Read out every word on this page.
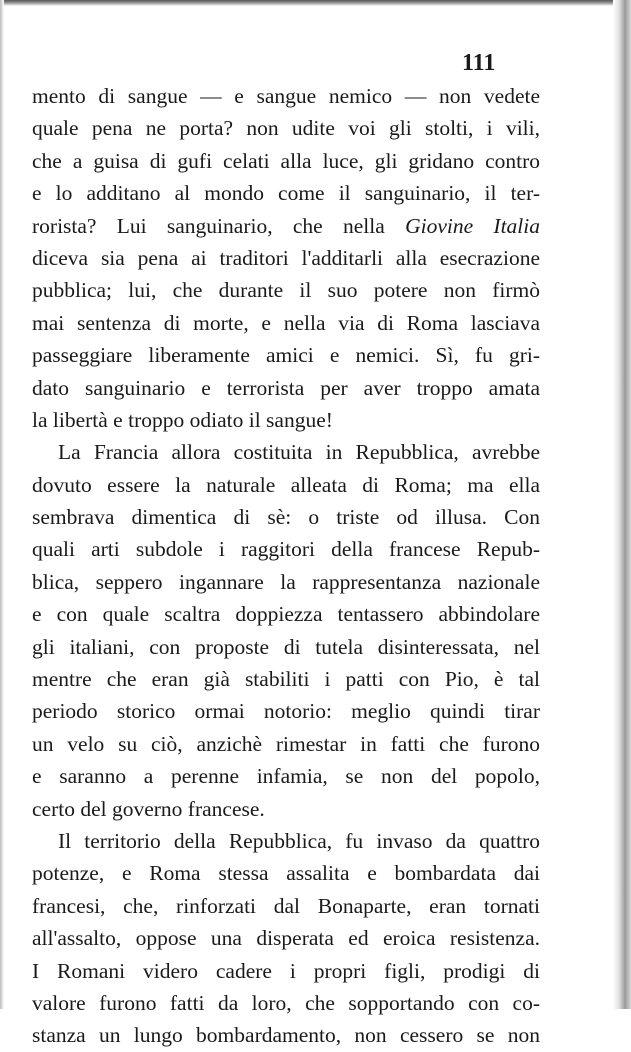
111
mento di sangue — e sangue nemico — non vedete
quale pena ne porta? non udite voi gli stolti, i vili,
che a guisa di gufi celati alla luce, gli gridano contro
e lo additano al mondo come il sanguinario, il ter-
rorista? Lui sanguinario, che nella Giovine Italia
diceva sia pena ai traditori l'additarli alla esecrazione
pubblica; lui, che durante il suo potere non firmò
mai sentenza di morte, e nella via di Roma lasciava
passeggiare liberamente amici e nemici. Sì, fu gri-
dato sanguinario e terrorista per aver troppo amata
la libertà e troppo odiato il sangue!
La Francia allora costituita in Repubblica, avrebbe
dovuto essere la naturale alleata di Roma; ma ella
sembrava dimentica di sè: o triste od illusa. Con
quali arti subdole i raggitori della francese Repub-
blica, seppero ingannare la rappresentanza nazionale
e con quale scaltra doppiezza tentassero abbindolare
gli italiani, con proposte di tutela disinteressata, nel
mentre che eran già stabiliti i patti con Pio, è tal
periodo storico ormai notorio: meglio quindi tirar
un velo su ciò, anzichè rimestar in fatti che furono
e saranno a perenne infamia, se non del popolo,
certo del governo francese.
Il territorio della Repubblica, fu invaso da quattro
potenze, e Roma stessa assalita e bombardata dai
francesi, che, rinforzati dal Bonaparte, eran tornati
all'assalto, oppose una disperata ed eroica resistenza.
I Romani videro cadere i propri figli, prodigi di
valore furono fatti da loro, che sopportando con co-
stanza un lungo bombardamento, non cessero se non
